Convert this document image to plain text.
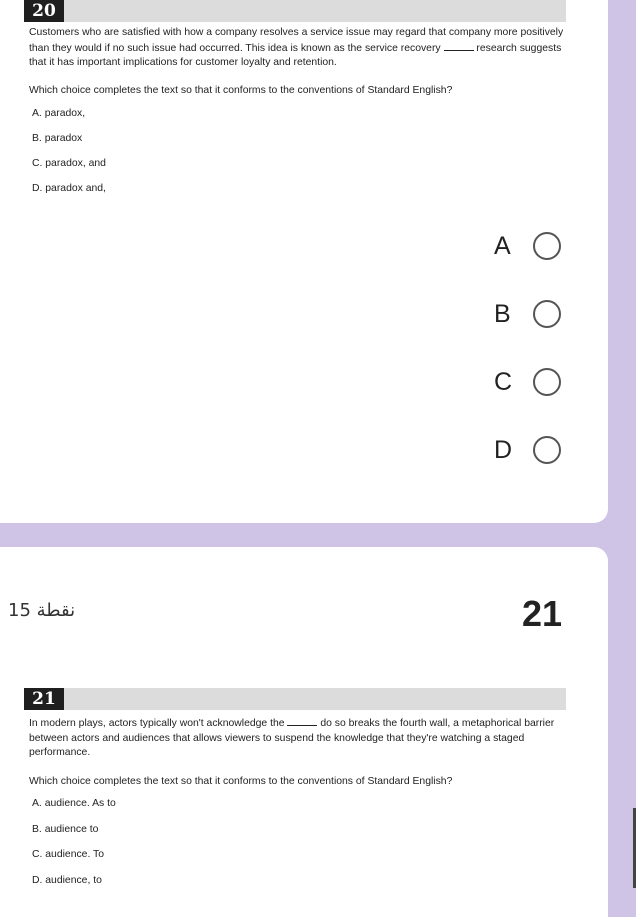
20
Customers who are satisfied with how a company resolves a service issue may regard that company more positively than they would if no such issue had occurred. This idea is known as the service recovery	research suggests that it has important implications for customer loyalty and retention.
Which choice completes the text so that it conforms to the conventions of Standard English?
A. paradox,
B. paradox
C. paradox, and
D. paradox and,
A
B
C
D
نقطة 15	21
21
In modern plays, actors typically won't acknowledge the	do so breaks the fourth wall, a metaphorical barrier between actors and audiences that allows viewers to suspend the knowledge that they're watching a staged performance.
Which choice completes the text so that it conforms to the conventions of Standard English?
A. audience. As to
B. audience to
C. audience. To
D. audience, to
